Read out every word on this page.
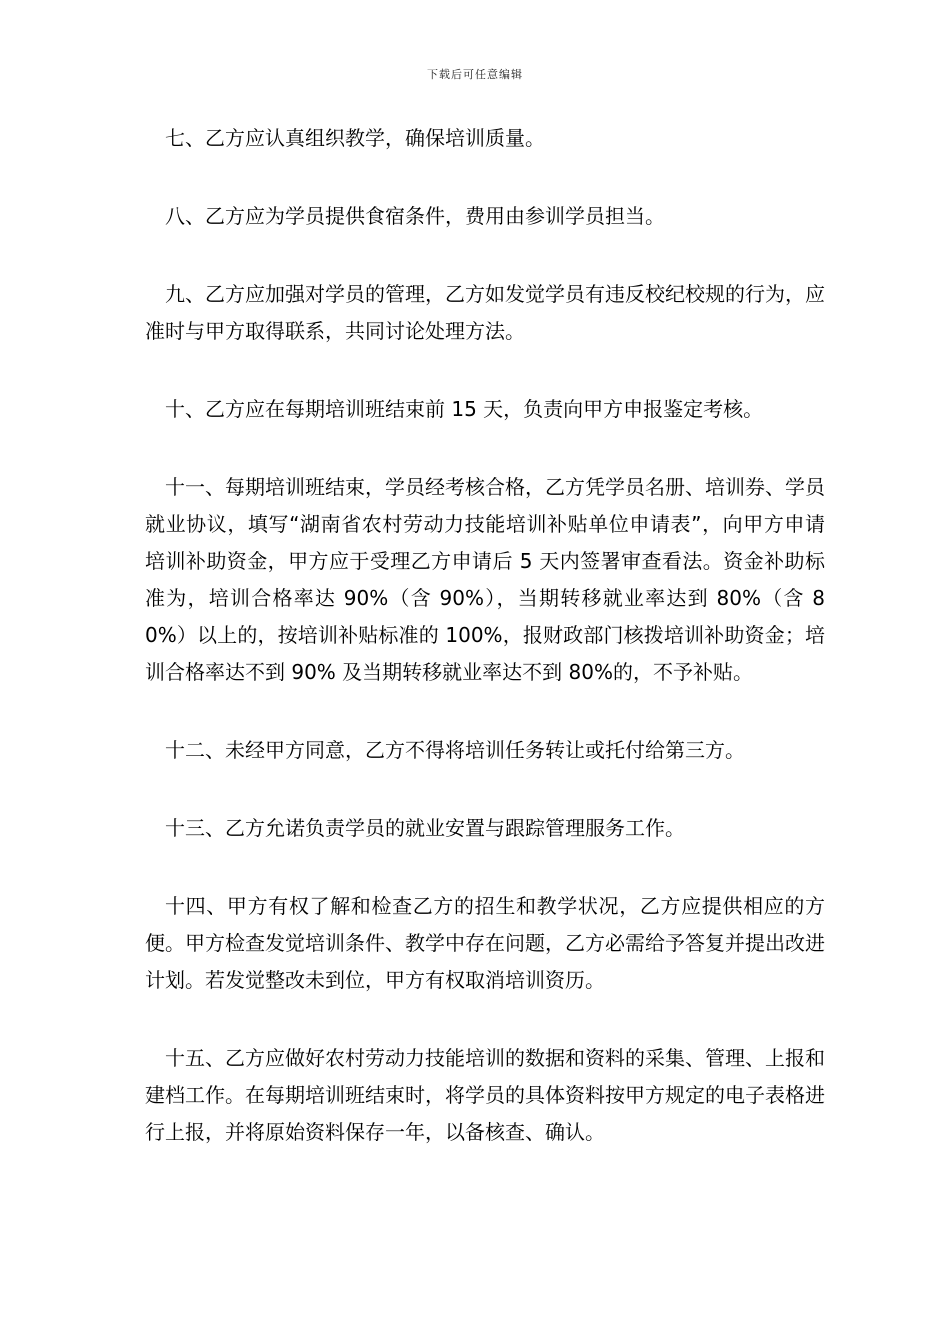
下载后可任意编辑

七、乙方应认真组织教学，确保培训质量。

八、乙方应为学员提供食宿条件，费用由参训学员担当。

九、乙方应加强对学员的管理，乙方如发觉学员有违反校纪校规的行为，应准时与甲方取得联系，共同讨论处理方法。

十、乙方应在每期培训班结束前 15 天，负责向甲方申报鉴定考核。

十一、每期培训班结束，学员经考核合格，乙方凭学员名册、培训券、学员就业协议，填写“湖南省农村劳动力技能培训补贴单位申请表”，向甲方申请培训补助资金，甲方应于受理乙方申请后 5 天内签署审查看法。资金补助标准为，培训合格率达 90%（含 90%），当期转移就业率达到 80%（含 80%）以上的，按培训补贴标准的 100%，报财政部门核拨培训补助资金；培训合格率达不到 90% 及当期转移就业率达不到 80%的，不予补贴。

十二、未经甲方同意，乙方不得将培训任务转让或托付给第三方。

十三、乙方允诺负责学员的就业安置与跟踪管理服务工作。

十四、甲方有权了解和检查乙方的招生和教学状况，乙方应提供相应的方便。甲方检查发觉培训条件、教学中存在问题，乙方必需给予答复并提出改进计划。若发觉整改未到位，甲方有权取消培训资历。

十五、乙方应做好农村劳动力技能培训的数据和资料的采集、管理、上报和建档工作。在每期培训班结束时，将学员的具体资料按甲方规定的电子表格进行上报，并将原始资料保存一年，以备核查、确认。
